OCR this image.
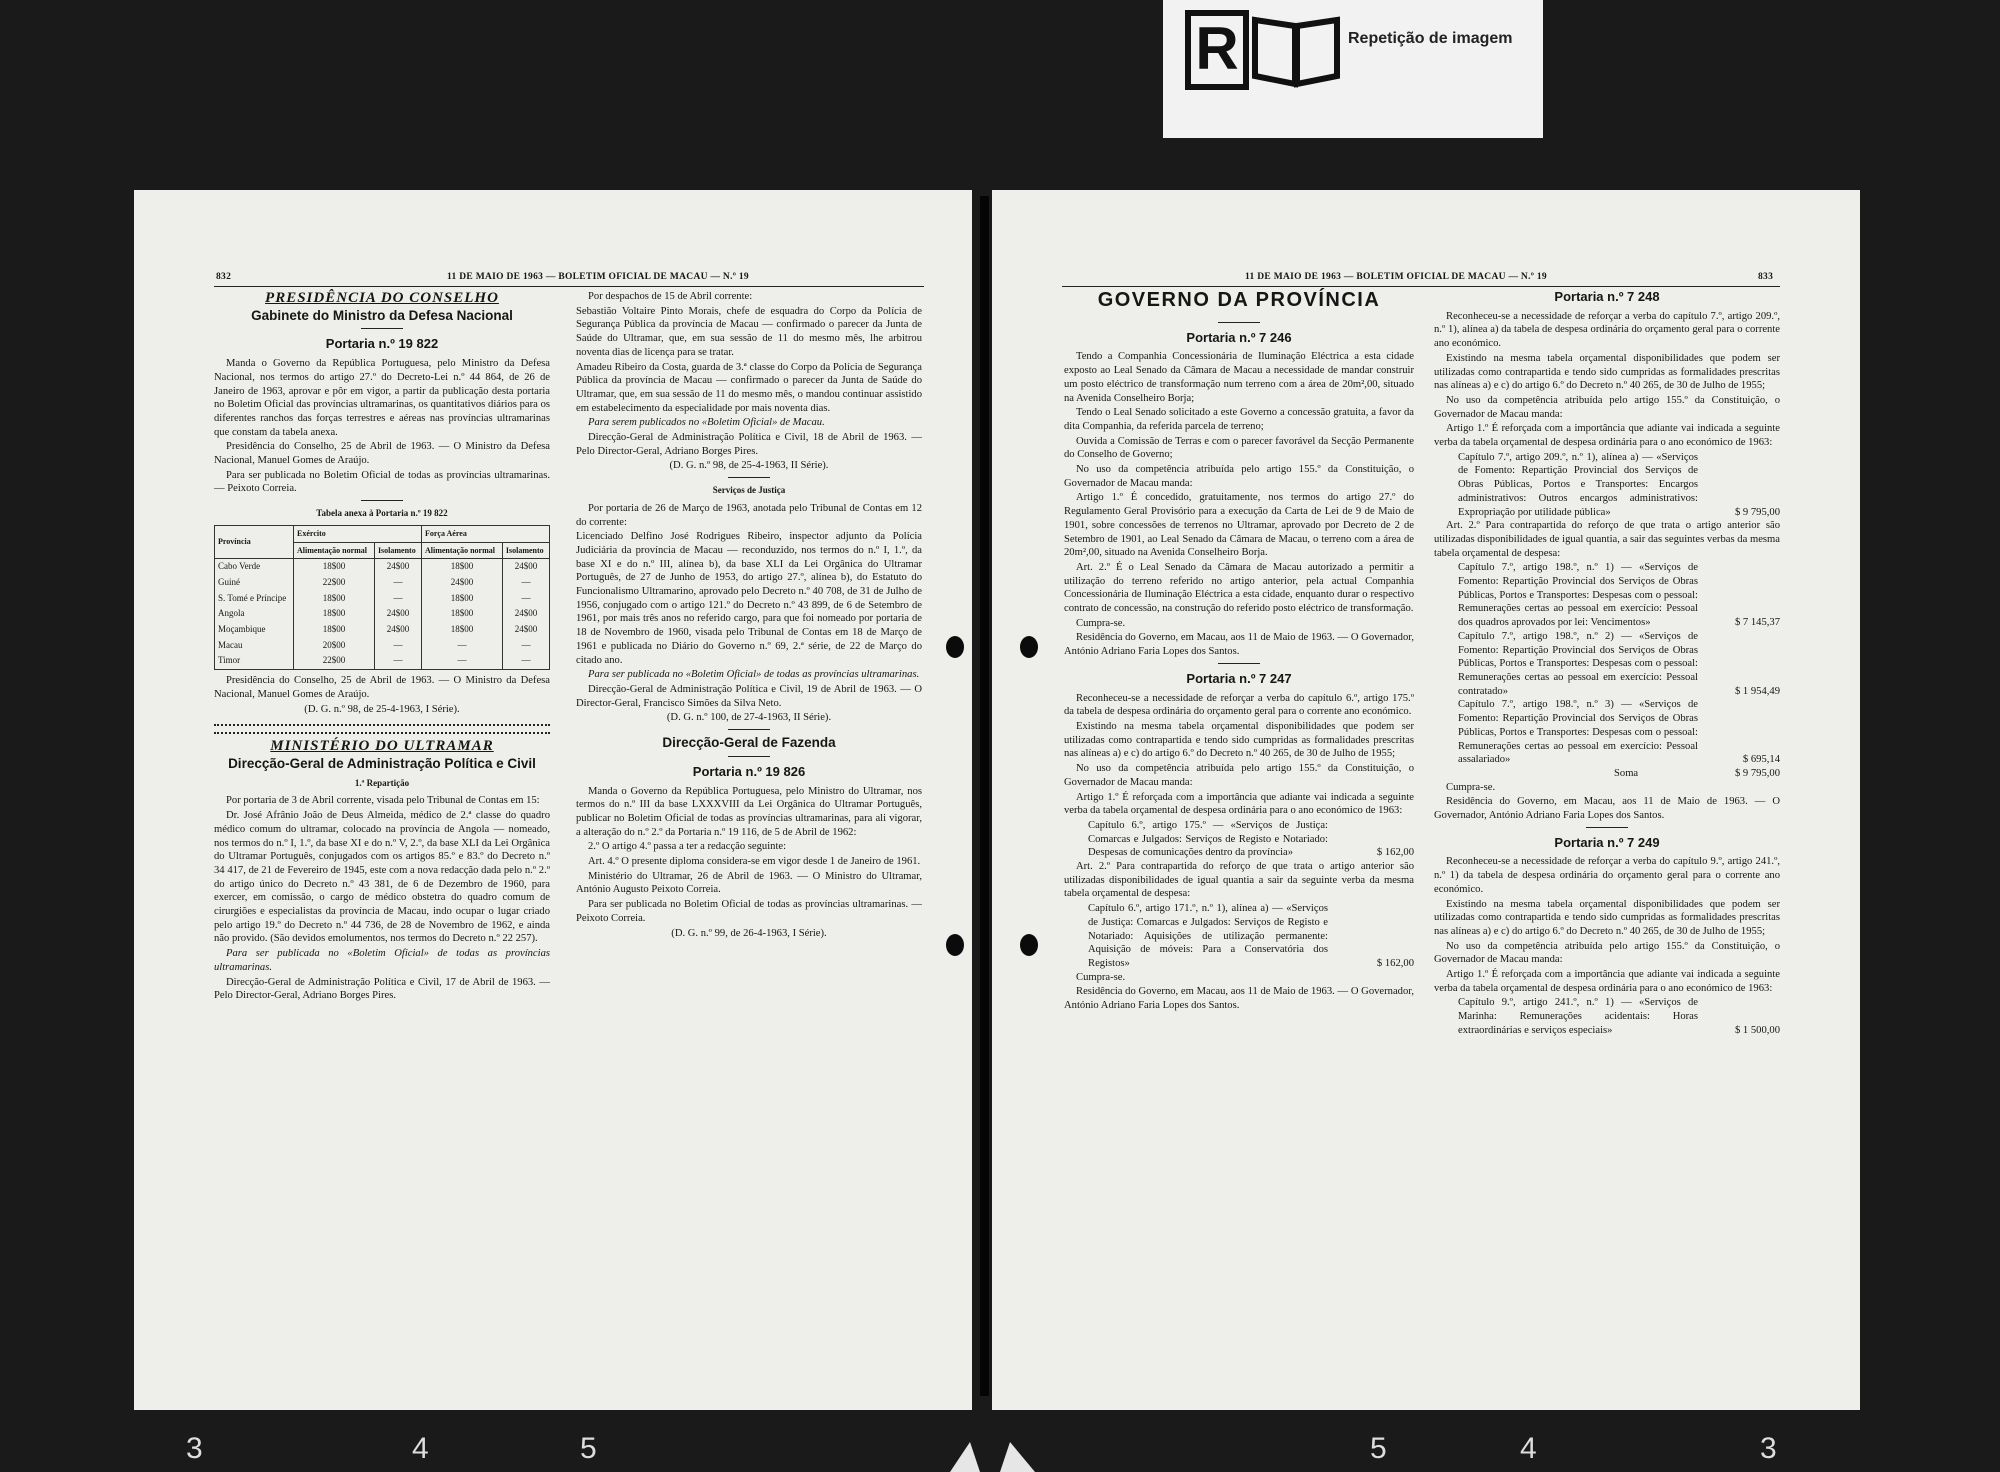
R	Repetição de imagem
832	11 DE MAIO DE 1963 — BOLETIM OFICIAL DE MACAU — N.º 19
PRESIDÊNCIA DO CONSELHO
Gabinete do Ministro da Defesa Nacional
Portaria n.º 19 822

Manda o Governo da República Portuguesa, pelo Ministro da Defesa Nacional, nos termos do artigo 27.º do Decreto-Lei n.º 44 864, de 26 de Janeiro de 1963, aprovar e pôr em vigor, a partir da publicação desta portaria no Boletim Oficial das províncias ultramarinas, os quantitativos diários para os diferentes ranchos das forças terrestres e aéreas nas províncias ultramarinas que constam da tabela anexa.

Presidência do Conselho, 25 de Abril de 1963. — O Ministro da Defesa Nacional, Manuel Gomes de Araújo.

Para ser publicada no Boletim Oficial de todas as províncias ultramarinas. — Peixoto Correia.

Tabela anexa à Portaria n.º 19 822
Província	Exército		Força Aérea	
	Alimentação normal	Isolamento	Alimentação normal	Isolamento
Cabo Verde	18$00	24$00	18$00	24$00
Guiné	22$00	—	24$00	—
S. Tomé e Príncipe	18$00	—	18$00	—
Angola	18$00	24$00	18$00	24$00
Moçambique	18$00	24$00	18$00	24$00
Macau	20$00	—	—	—
Timor	22$00	—	—	—

Presidência do Conselho, 25 de Abril de 1963. — O Ministro da Defesa Nacional, Manuel Gomes de Araújo.

(D. G. n.º 98, de 25-4-1963, I Série).

MINISTÉRIO DO ULTRAMAR
Direcção-Geral de Administração Política e Civil
1.ª Repartição

Por portaria de 3 de Abril corrente, visada pelo Tribunal de Contas em 15:

Dr. José Afrânio João de Deus Almeida, médico de 2.ª classe do quadro médico comum do ultramar, colocado na província de Angola — nomeado, nos termos do n.º I, 1.º, da base XI e do n.º V, 2.º, da base XLI da Lei Orgânica do Ultramar Português, conjugados com os artigos 85.º e 83.º do Decreto n.º 34 417, de 21 de Fevereiro de 1945, este com a nova redacção dada pelo n.º 2.º do artigo único do Decreto n.º 43 381, de 6 de Dezembro de 1960, para exercer, em comissão, o cargo de médico obstetra do quadro comum de cirurgiões e especialistas da província de Macau, indo ocupar o lugar criado pelo artigo 19.º do Decreto n.º 44 736, de 28 de Novembro de 1962, e ainda não provido. (São devidos emolumentos, nos termos do Decreto n.º 22 257).

Para ser publicada no «Boletim Oficial» de todas as províncias ultramarinas.

Direcção-Geral de Administração Política e Civil, 17 de Abril de 1963. — Pelo Director-Geral, Adriano Borges Pires.

Por despachos de 15 de Abril corrente:

Sebastião Voltaire Pinto Morais, chefe de esquadra do Corpo da Polícia de Segurança Pública da província de Macau — confirmado o parecer da Junta de Saúde do Ultramar, que, em sua sessão de 11 do mesmo mês, lhe arbitrou noventa dias de licença para se tratar.

Amadeu Ribeiro da Costa, guarda de 3.ª classe do Corpo da Polícia de Segurança Pública da província de Macau — confirmado o parecer da Junta de Saúde do Ultramar, que, em sua sessão de 11 do mesmo mês, o mandou continuar assistido em estabelecimento da especialidade por mais noventa dias.

Para serem publicados no «Boletim Oficial» de Macau.

Direcção-Geral de Administração Política e Civil, 18 de Abril de 1963. — Pelo Director-Geral, Adriano Borges Pires.

(D. G. n.º 98, de 25-4-1963, II Série).

Serviços de Justiça

Por portaria de 26 de Março de 1963, anotada pelo Tribunal de Contas em 12 do corrente:

Licenciado Delfino José Rodrigues Ribeiro, inspector adjunto da Polícia Judiciária da província de Macau — reconduzido, nos termos do n.º I, 1.º, da base XI e do n.º III, alínea b), da base XLI da Lei Orgânica do Ultramar Português, de 27 de Junho de 1953, do artigo 27.º, alínea b), do Estatuto do Funcionalismo Ultramarino, aprovado pelo Decreto n.º 40 708, de 31 de Julho de 1956, conjugado com o artigo 121.º do Decreto n.º 43 899, de 6 de Setembro de 1961, por mais três anos no referido cargo, para que foi nomeado por portaria de 18 de Novembro de 1960, visada pelo Tribunal de Contas em 18 de Março de 1961 e publicada no Diário do Governo n.º 69, 2.ª série, de 22 de Março do citado ano.

Para ser publicada no «Boletim Oficial» de todas as províncias ultramarinas.

Direcção-Geral de Administração Política e Civil, 19 de Abril de 1963. — O Director-Geral, Francisco Simões da Silva Neto.

(D. G. n.º 100, de 27-4-1963, II Série).

Direcção-Geral de Fazenda
Portaria n.º 19 826

Manda o Governo da República Portuguesa, pelo Ministro do Ultramar, nos termos do n.º III da base LXXXVIII da Lei Orgânica do Ultramar Português, publicar no Boletim Oficial de todas as províncias ultramarinas, para ali vigorar, a alteração do n.º 2.º da Portaria n.º 19 116, de 5 de Abril de 1962:

2.º O artigo 4.º passa a ter a redacção seguinte:

Art. 4.º O presente diploma considera-se em vigor desde 1 de Janeiro de 1961.

Ministério do Ultramar, 26 de Abril de 1963. — O Ministro do Ultramar, António Augusto Peixoto Correia.

Para ser publicada no Boletim Oficial de todas as províncias ultramarinas. — Peixoto Correia.

(D. G. n.º 99, de 26-4-1963, I Série).

11 DE MAIO DE 1963 — BOLETIM OFICIAL DE MACAU — N.º 19	833
GOVERNO DA PROVÍNCIA
Portaria n.º 7 246

Tendo a Companhia Concessionária de Iluminação Eléctrica a esta cidade exposto ao Leal Senado da Câmara de Macau a necessidade de mandar construir um posto eléctrico de transformação num terreno com a área de 20m²,00, situado na Avenida Conselheiro Borja;

Tendo o Leal Senado solicitado a este Governo a concessão gratuita, a favor da dita Companhia, da referida parcela de terreno;

Ouvida a Comissão de Terras e com o parecer favorável da Secção Permanente do Conselho de Governo;

No uso da competência atribuída pelo artigo 155.º da Constituição, o Governador de Macau manda:

Artigo 1.º É concedido, gratuitamente, nos termos do artigo 27.º do Regulamento Geral Provisório para a execução da Carta de Lei de 9 de Maio de 1901, sobre concessões de terrenos no Ultramar, aprovado por Decreto de 2 de Setembro de 1901, ao Leal Senado da Câmara de Macau, o terreno com a área de 20m²,00, situado na Avenida Conselheiro Borja.

Art. 2.º É o Leal Senado da Câmara de Macau autorizado a permitir a utilização do terreno referido no artigo anterior, pela actual Companhia Concessionária de Iluminação Eléctrica a esta cidade, enquanto durar o respectivo contrato de concessão, na construção do referido posto eléctrico de transformação.

Cumpra-se.

Residência do Governo, em Macau, aos 11 de Maio de 1963. — O Governador, António Adriano Faria Lopes dos Santos.

Portaria n.º 7 247

Reconheceu-se a necessidade de reforçar a verba do capítulo 6.º, artigo 175.º da tabela de despesa ordinária do orçamento geral para o corrente ano económico.

Existindo na mesma tabela orçamental disponibilidades que podem ser utilizadas como contrapartida e tendo sido cumpridas as formalidades prescritas nas alíneas a) e c) do artigo 6.º do Decreto n.º 40 265, de 30 de Julho de 1955;

No uso da competência atribuída pelo artigo 155.º da Constituição, o Governador de Macau manda:

Artigo 1.º É reforçada com a importância que adiante vai indicada a seguinte verba da tabela orçamental de despesa ordinária para o ano económico de 1963:

Capítulo 6.º, artigo 175.º — «Serviços de Justiça: Comarcas e Julgados: Serviços de Registo e Notariado: Despesas de comunicações dentro da província»	$ 162,00

Art. 2.º Para contrapartida do reforço de que trata o artigo anterior são utilizadas disponibilidades de igual quantia a sair da seguinte verba da mesma tabela orçamental de despesa:

Capítulo 6.º, artigo 171.º, n.º 1), alínea a) — «Serviços de Justiça: Comarcas e Julgados: Serviços de Registo e Notariado: Aquisições de utilização permanente: Aquisição de móveis: Para a Conservatória dos Registos»	$ 162,00

Cumpra-se.

Residência do Governo, em Macau, aos 11 de Maio de 1963. — O Governador, António Adriano Faria Lopes dos Santos.

Portaria n.º 7 248

Reconheceu-se a necessidade de reforçar a verba do capítulo 7.º, artigo 209.º, n.º 1), alínea a) da tabela de despesa ordinária do orçamento geral para o corrente ano económico.

Existindo na mesma tabela orçamental disponibilidades que podem ser utilizadas como contrapartida e tendo sido cumpridas as formalidades prescritas nas alíneas a) e c) do artigo 6.º do Decreto n.º 40 265, de 30 de Julho de 1955;

No uso da competência atribuída pelo artigo 155.º da Constituição, o Governador de Macau manda:

Artigo 1.º É reforçada com a importância que adiante vai indicada a seguinte verba da tabela orçamental de despesa ordinária para o ano económico de 1963:

Capítulo 7.º, artigo 209.º, n.º 1), alínea a) — «Serviços de Fomento: Repartição Provincial dos Serviços de Obras Públicas, Portos e Transportes: Encargos administrativos: Outros encargos administrativos: Expropriação por utilidade pública»	$ 9 795,00

Art. 2.º Para contrapartida do reforço de que trata o artigo anterior são utilizadas disponibilidades de igual quantia, a sair das seguintes verbas da mesma tabela orçamental de despesa:

Capítulo 7.º, artigo 198.º, n.º 1) — «Serviços de Fomento: Repartição Provincial dos Serviços de Obras Públicas, Portos e Transportes: Despesas com o pessoal: Remunerações certas ao pessoal em exercício: Pessoal dos quadros aprovados por lei: Vencimentos»	$ 7 145,37
Capítulo 7.º, artigo 198.º, n.º 2) — «Serviços de Fomento: Repartição Provincial dos Serviços de Obras Públicas, Portos e Transportes: Despesas com o pessoal: Remunerações certas ao pessoal em exercício: Pessoal contratado»	$ 1 954,49
Capítulo 7.º, artigo 198.º, n.º 3) — «Serviços de Fomento: Repartição Provincial dos Serviços de Obras Públicas, Portos e Transportes: Despesas com o pessoal: Remunerações certas ao pessoal em exercício: Pessoal assalariado»	$ 695,14
Soma	$ 9 795,00

Cumpra-se.

Residência do Governo, em Macau, aos 11 de Maio de 1963. — O Governador, António Adriano Faria Lopes dos Santos.

Portaria n.º 7 249

Reconheceu-se a necessidade de reforçar a verba do capítulo 9.º, artigo 241.º, n.º 1) da tabela de despesa ordinária do orçamento geral para o corrente ano económico.

Existindo na mesma tabela orçamental disponibilidades que podem ser utilizadas como contrapartida e tendo sido cumpridas as formalidades prescritas nas alíneas a) e c) do artigo 6.º do Decreto n.º 40 265, de 30 de Julho de 1955;

No uso da competência atribuída pelo artigo 155.º da Constituição, o Governador de Macau manda:

Artigo 1.º É reforçada com a importância que adiante vai indicada a seguinte verba da tabela orçamental de despesa ordinária para o ano económico de 1963:

Capítulo 9.º, artigo 241.º, n.º 1) — «Serviços de Marinha: Remunerações acidentais: Horas extraordinárias e serviços especiais»	$ 1 500,00
3	4	5	5	4	3
